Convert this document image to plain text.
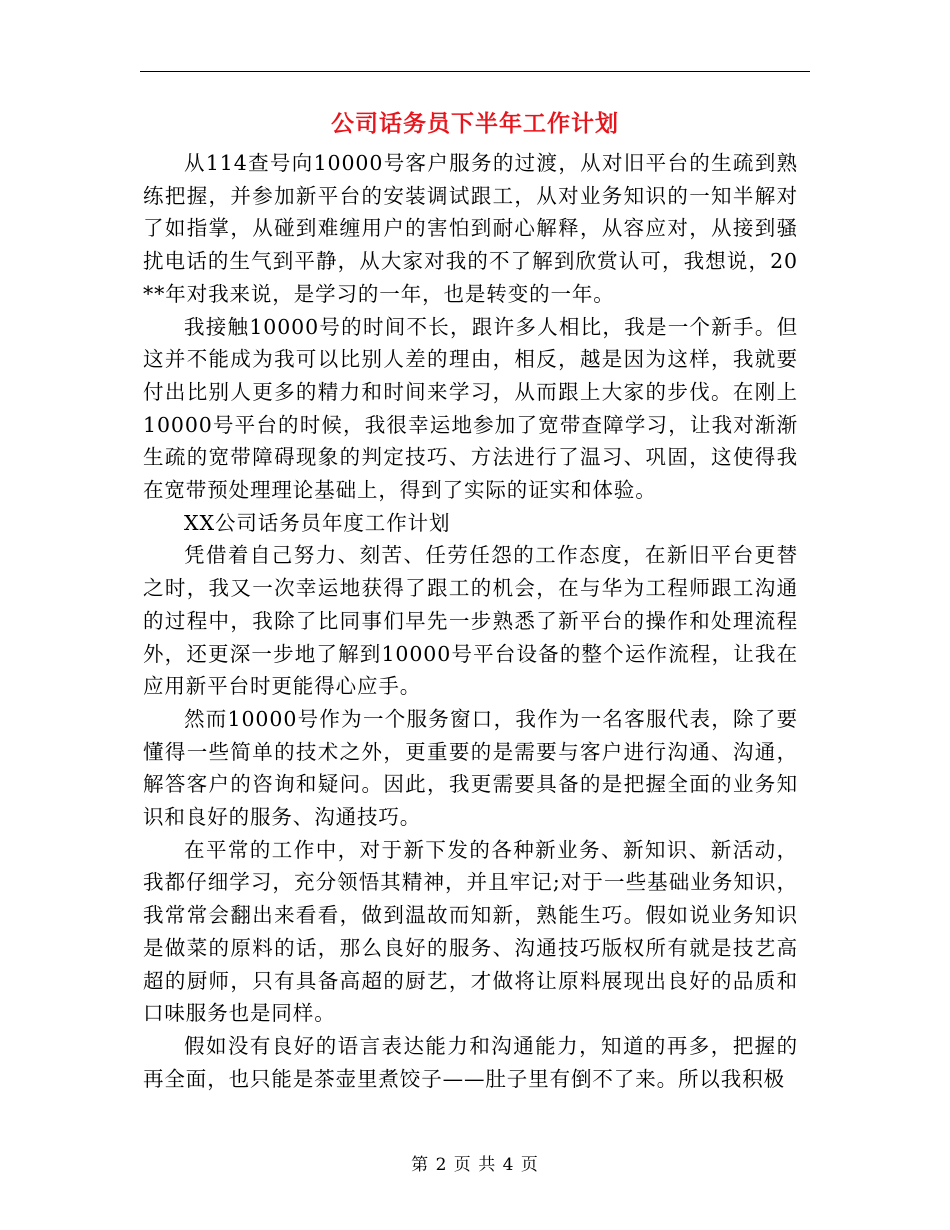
公司话务员下半年工作计划

从114查号向10000号客户服务的过渡，从对旧平台的生疏到熟练把握，并参加新平台的安装调试跟工，从对业务知识的一知半解对了如指掌，从碰到难缠用户的害怕到耐心解释，从容应对，从接到骚扰电话的生气到平静，从大家对我的不了解到欣赏认可，我想说，20**年对我来说，是学习的一年，也是转变的一年。

我接触10000号的时间不长，跟许多人相比，我是一个新手。但这并不能成为我可以比别人差的理由，相反，越是因为这样，我就要付出比别人更多的精力和时间来学习，从而跟上大家的步伐。在刚上10000号平台的时候，我很幸运地参加了宽带查障学习，让我对渐渐生疏的宽带障碍现象的判定技巧、方法进行了温习、巩固，这使得我在宽带预处理理论基础上，得到了实际的证实和体验。

XX公司话务员年度工作计划

凭借着自己努力、刻苦、任劳任怨的工作态度，在新旧平台更替之时，我又一次幸运地获得了跟工的机会，在与华为工程师跟工沟通的过程中，我除了比同事们早先一步熟悉了新平台的操作和处理流程外，还更深一步地了解到10000号平台设备的整个运作流程，让我在应用新平台时更能得心应手。

然而10000号作为一个服务窗口，我作为一名客服代表，除了要懂得一些简单的技术之外，更重要的是需要与客户进行沟通、沟通，解答客户的咨询和疑问。因此，我更需要具备的是把握全面的业务知识和良好的服务、沟通技巧。

在平常的工作中，对于新下发的各种新业务、新知识、新活动，我都仔细学习，充分领悟其精神，并且牢记;对于一些基础业务知识，我常常会翻出来看看，做到温故而知新，熟能生巧。假如说业务知识是做菜的原料的话，那么良好的服务、沟通技巧版权所有就是技艺高超的厨师，只有具备高超的厨艺，才做将让原料展现出良好的品质和口味服务也是同样。

假如没有良好的语言表达能力和沟通能力，知道的再多，把握的再全面，也只能是茶壶里煮饺子——肚子里有倒不了来。所以我积极

第 2 页 共 4 页
